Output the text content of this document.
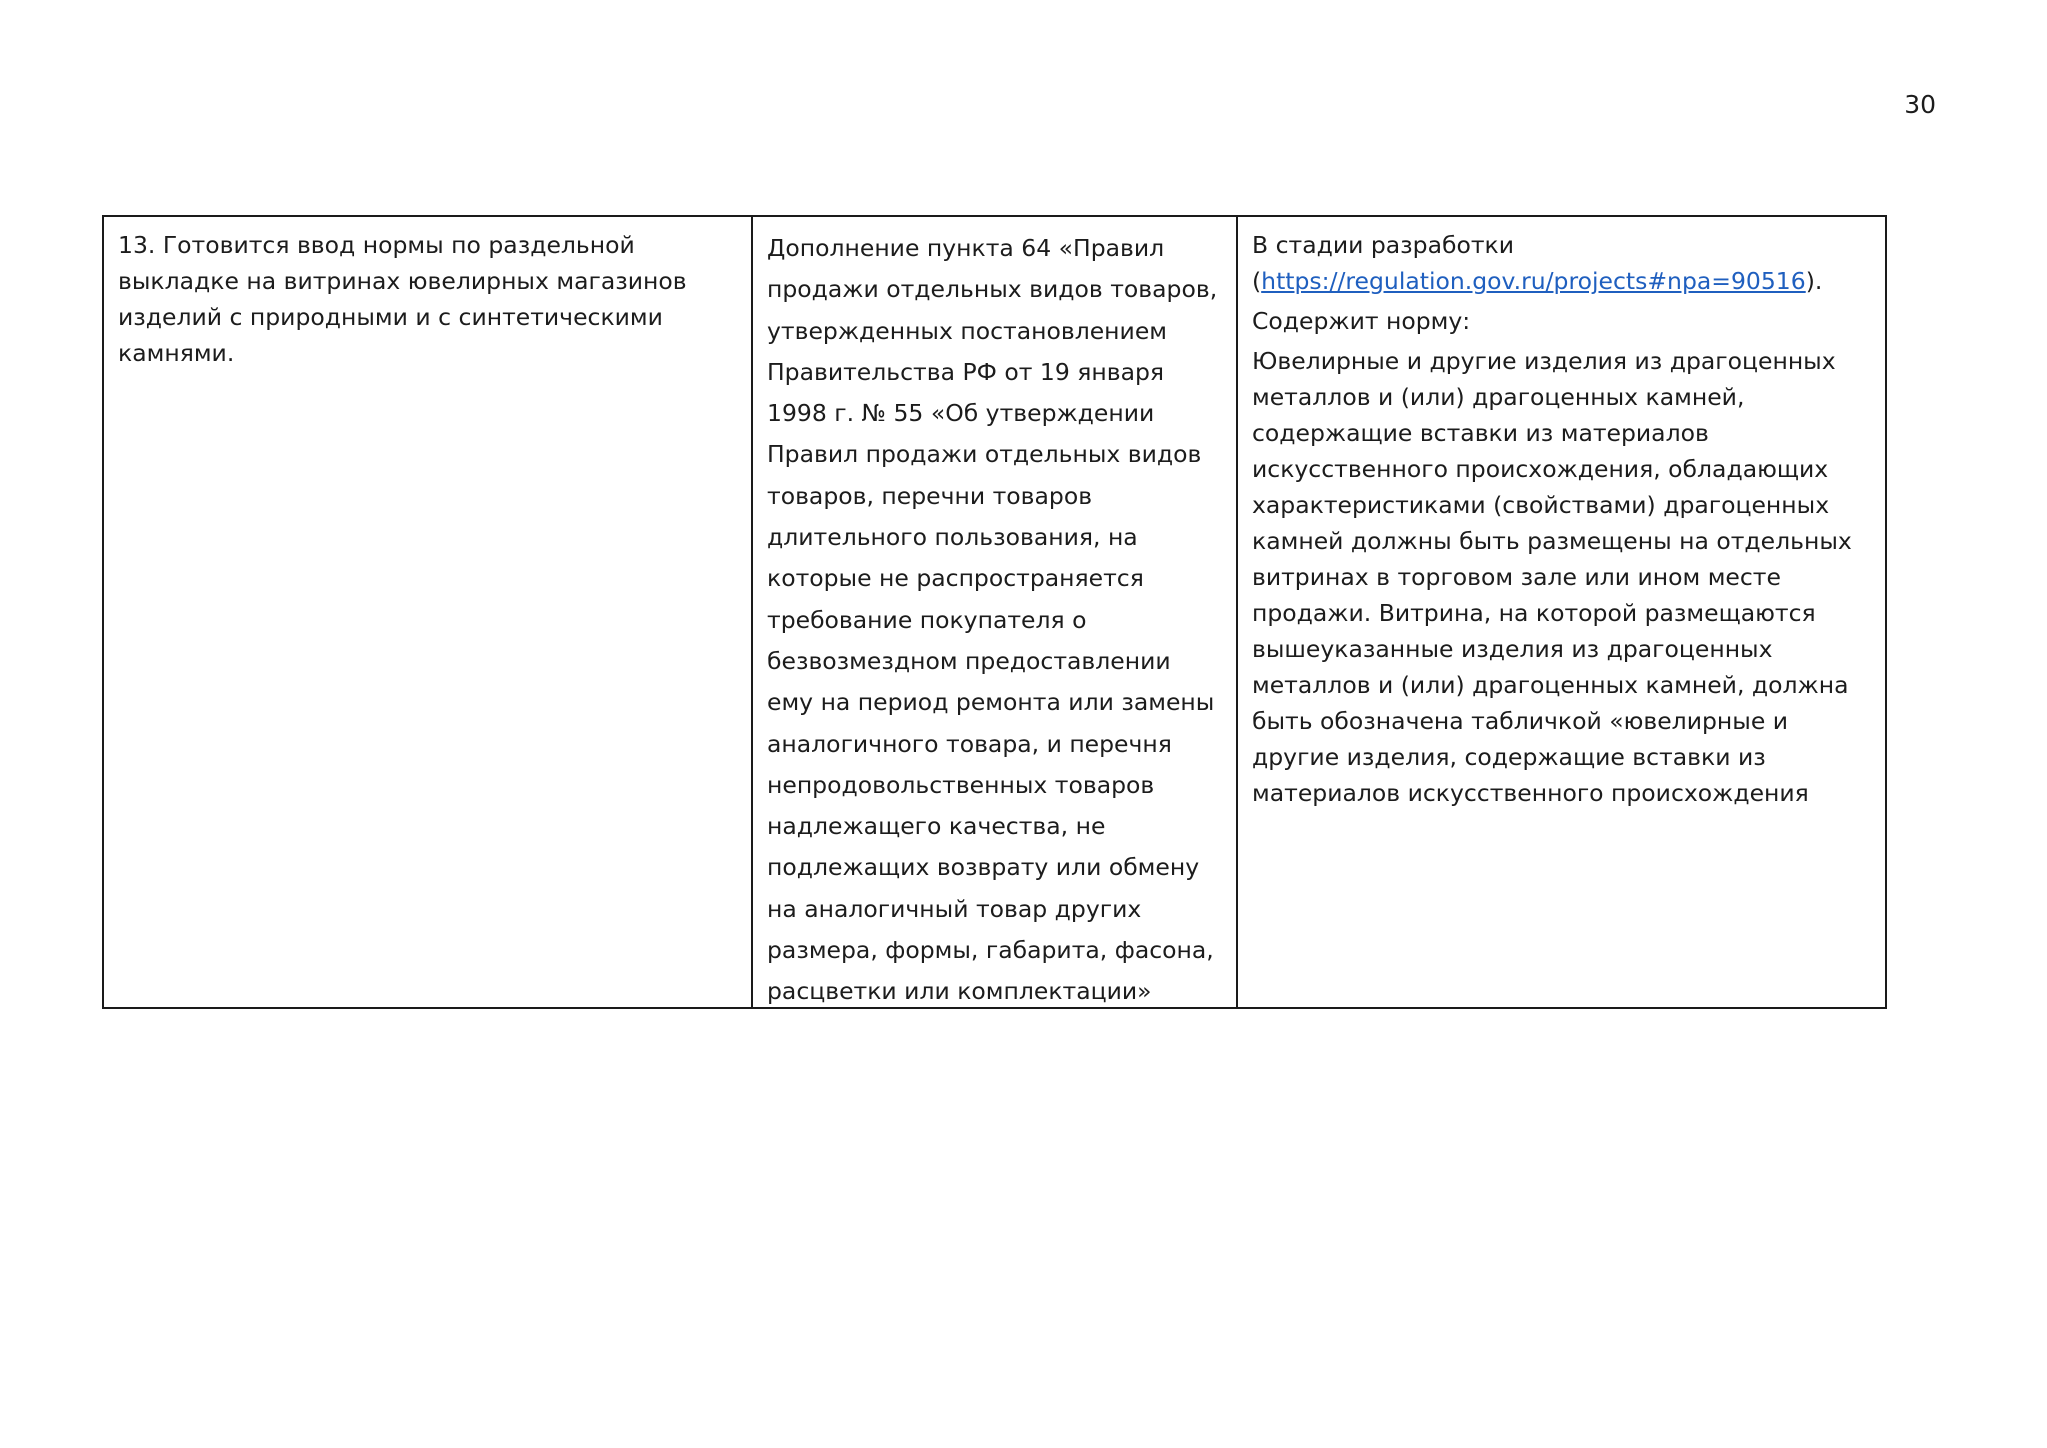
30
13. Готовится ввод нормы по раздельной выкладке на витринах ювелирных магазинов изделий с природными и с синтетическими камнями.
Дополнение пункта 64 «Правил продажи отдельных видов товаров, утвержденных постановлением Правительства РФ от 19 января 1998 г. № 55 «Об утверждении Правил продажи отдельных видов товаров, перечни товаров длительного пользования, на которые не распространяется требование покупателя о безвозмездном предоставлении ему на период ремонта или замены аналогичного товара, и перечня непродовольственных товаров надлежащего качества, не подлежащих возврату или обмену на аналогичный товар других размера, формы, габарита, фасона, расцветки или комплектации»

В стадии разработки

(https://regulation.gov.ru/projects#npa=90516).

Содержит норму:

Ювелирные и другие изделия из драгоценных металлов и (или) драгоценных камней, содержащие вставки из материалов искусственного происхождения, обладающих характеристиками (свойствами) драгоценных камней должны быть размещены на отдельных витринах в торговом зале или ином месте продажи. Витрина, на которой размещаются вышеуказанные изделия из драгоценных металлов и (или) драгоценных камней, должна быть обозначена табличкой «ювелирные и другие изделия, содержащие вставки из материалов искусственного происхождения
